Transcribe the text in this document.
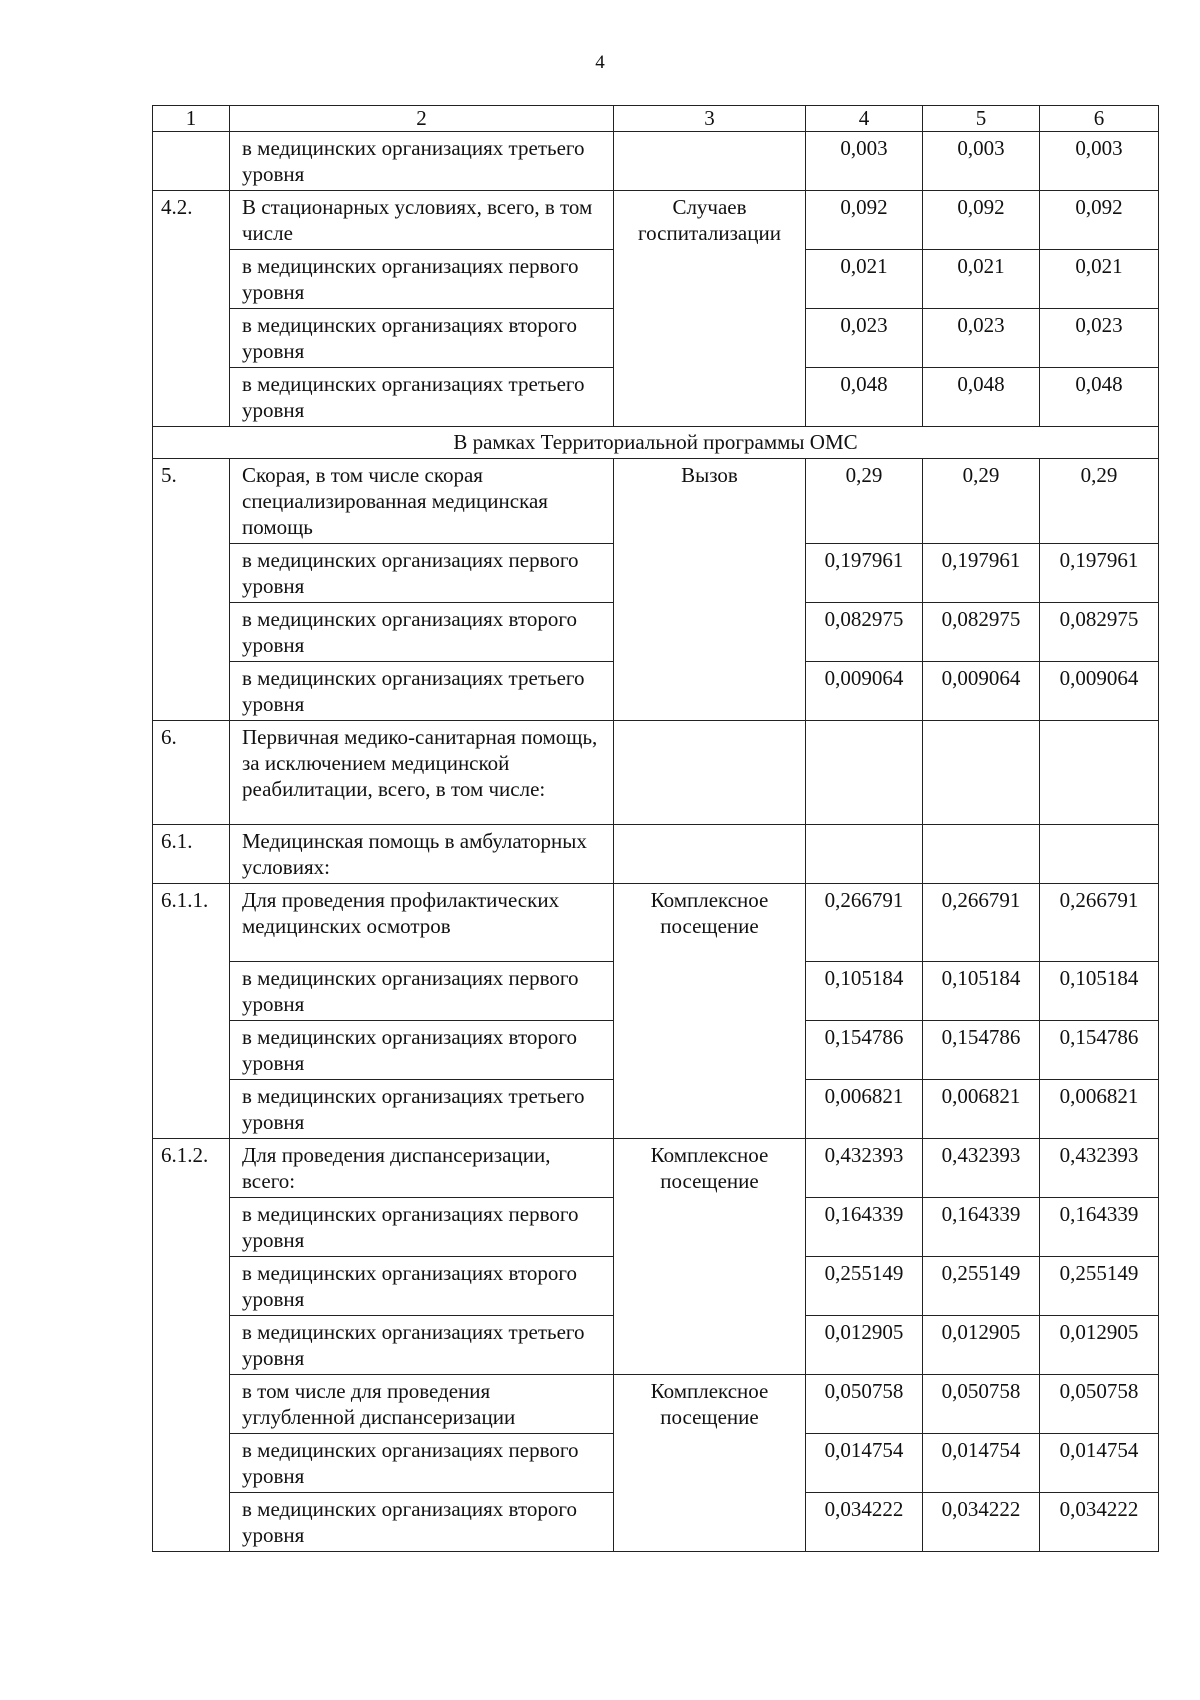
4
1	2	3	4	5	6
	в медицинских организациях третьего уровня		0,003	0,003	0,003
4.2.	В стационарных условиях, всего, в том числе	Случаев госпитализации	0,092	0,092	0,092
	в медицинских организациях первого уровня		0,021	0,021	0,021
	в медицинских организациях второго уровня		0,023	0,023	0,023
	в медицинских организациях третьего уровня		0,048	0,048	0,048
В рамках Территориальной программы ОМС					
5.	Скорая, в том числе скорая специализированная медицинская помощь	Вызов	0,29	0,29	0,29
	в медицинских организациях первого уровня		0,197961	0,197961	0,197961
	в медицинских организациях второго уровня		0,082975	0,082975	0,082975
	в медицинских организациях третьего уровня		0,009064	0,009064	0,009064
6.	Первичная медико-санитарная помощь, за исключением медицинской реабилитации, всего, в том числе:				
6.1.	Медицинская помощь в амбулаторных условиях:				
6.1.1.	Для проведения профилактических медицинских осмотров	Комплексное посещение	0,266791	0,266791	0,266791
	в медицинских организациях первого уровня		0,105184	0,105184	0,105184
	в медицинских организациях второго уровня		0,154786	0,154786	0,154786
	в медицинских организациях третьего уровня		0,006821	0,006821	0,006821
6.1.2.	Для проведения диспансеризации, всего:	Комплексное посещение	0,432393	0,432393	0,432393
	в медицинских организациях первого уровня		0,164339	0,164339	0,164339
	в медицинских организациях второго уровня		0,255149	0,255149	0,255149
	в медицинских организациях третьего уровня		0,012905	0,012905	0,012905
	в том числе для проведения углубленной диспансеризации	Комплексное посещение	0,050758	0,050758	0,050758
	в медицинских организациях первого уровня		0,014754	0,014754	0,014754
	в медицинских организациях второго уровня		0,034222	0,034222	0,034222
